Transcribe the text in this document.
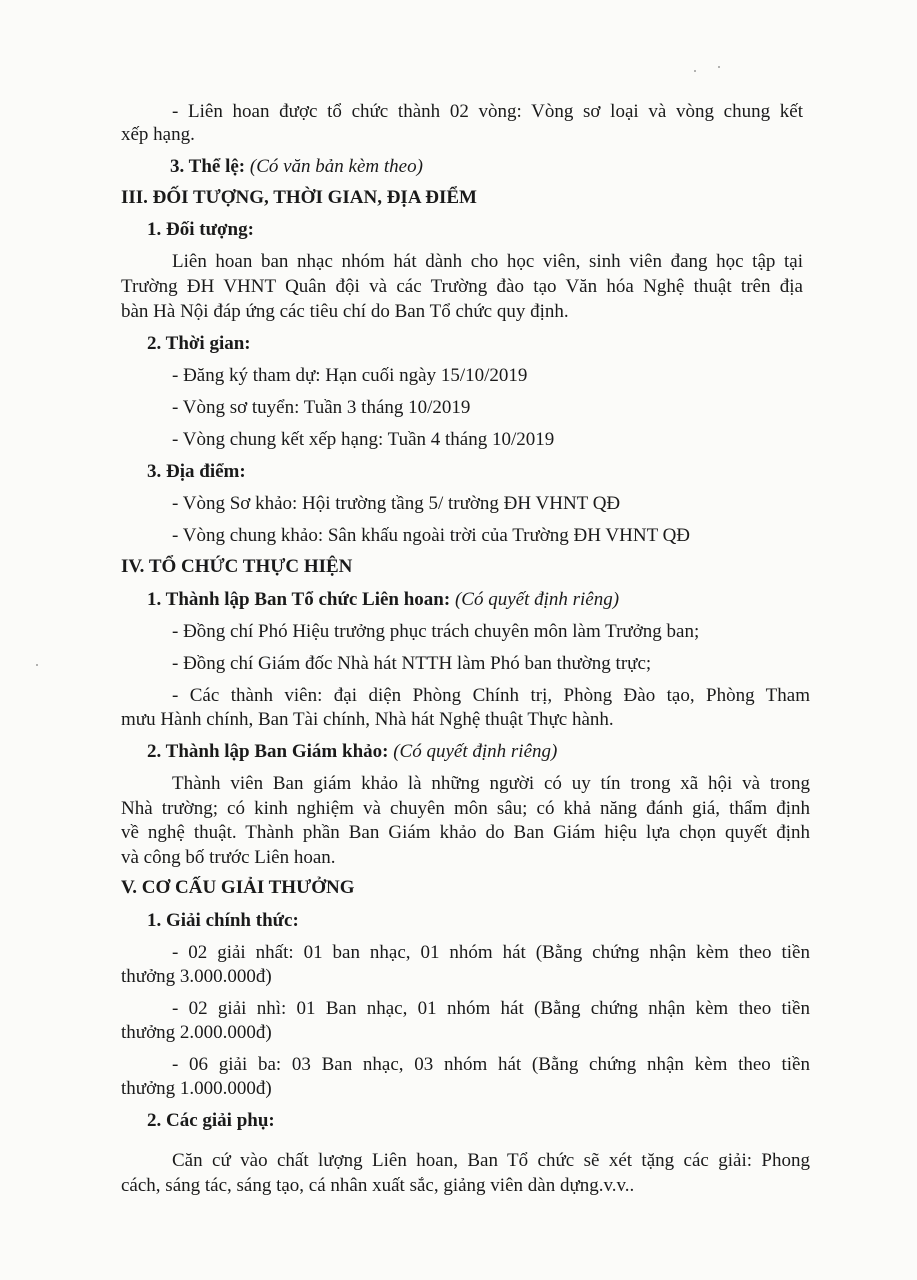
- Liên hoan được tổ chức thành 02 vòng: Vòng sơ loại và vòng chung kết
xếp hạng.
3. Thể lệ: (Có văn bản kèm theo)
III. ĐỐI TƯỢNG, THỜI GIAN, ĐỊA ĐIỂM
1. Đối tượng:
Liên hoan ban nhạc nhóm hát dành cho học viên, sinh viên đang học tập tại
Trường ĐH VHNT Quân đội và các Trường đào tạo Văn hóa Nghệ thuật trên địa
bàn Hà Nội đáp ứng các tiêu chí do Ban Tổ chức quy định.
2. Thời gian:
- Đăng ký tham dự: Hạn cuối ngày 15/10/2019
- Vòng sơ tuyển: Tuần 3 tháng 10/2019
- Vòng chung kết xếp hạng: Tuần 4 tháng 10/2019
3. Địa điểm:
- Vòng Sơ khảo: Hội trường tầng 5/ trường ĐH VHNT QĐ
- Vòng chung khảo: Sân khấu ngoài trời của Trường ĐH VHNT QĐ
IV. TỔ CHỨC THỰC HIỆN
1. Thành lập Ban Tổ chức Liên hoan: (Có quyết định riêng)
- Đồng chí Phó Hiệu trưởng phục trách chuyên môn làm Trưởng ban;
- Đồng chí Giám đốc Nhà hát NTTH làm Phó ban thường trực;
- Các thành viên: đại diện Phòng Chính trị, Phòng Đào tạo, Phòng Tham
mưu Hành chính, Ban Tài chính, Nhà hát Nghệ thuật Thực hành.
2. Thành lập Ban Giám khảo: (Có quyết định riêng)
Thành viên Ban giám khảo là những người có uy tín trong xã hội và trong
Nhà trường; có kinh nghiệm và chuyên môn sâu; có khả năng đánh giá, thẩm định
về nghệ thuật. Thành phần Ban Giám khảo do Ban Giám hiệu lựa chọn quyết định
và công bố trước Liên hoan.
V. CƠ CẤU GIẢI THƯỞNG
1. Giải chính thức:
- 02 giải nhất: 01 ban nhạc, 01 nhóm hát (Bằng chứng nhận kèm theo tiền
thưởng 3.000.000đ)
- 02 giải nhì: 01 Ban nhạc, 01 nhóm hát (Bằng chứng nhận kèm theo tiền
thưởng 2.000.000đ)
- 06 giải ba: 03 Ban nhạc, 03 nhóm hát (Bằng chứng nhận kèm theo tiền
thưởng 1.000.000đ)
2. Các giải phụ:
Căn cứ vào chất lượng Liên hoan, Ban Tổ chức sẽ xét tặng các giải: Phong
cách, sáng tác, sáng tạo, cá nhân xuất sắc, giảng viên dàn dựng.v.v..
